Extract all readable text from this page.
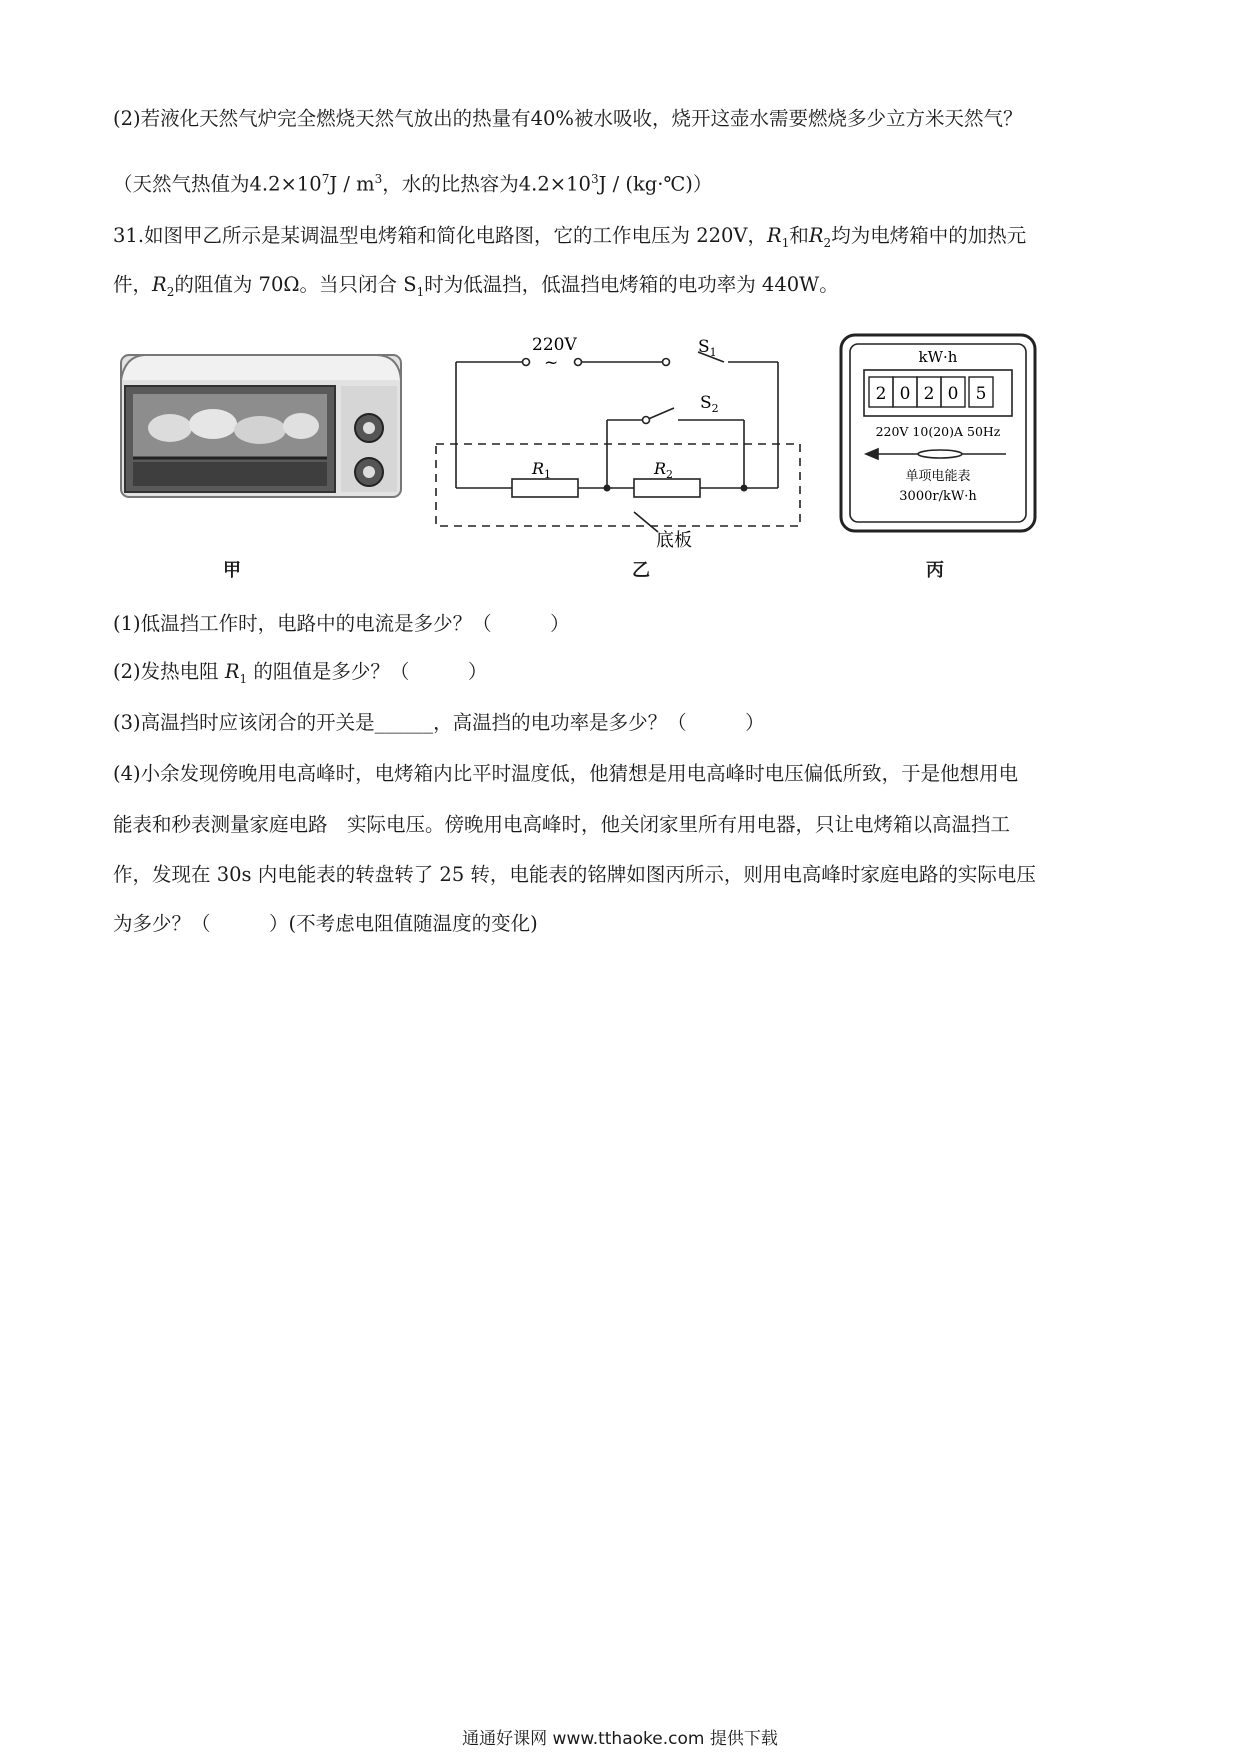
(2)若液化天然气炉完全燃烧天然气放出的热量有40%被水吸收，烧开这壶水需要燃烧多少立方米天然气？
（天然气热值为$4.2\times 10^7J / m^3$，水的比热容为$4.2\times 10^3J$ / (kg·℃)）
31.如图甲乙所示是某调温型电烤箱和简化电路图，它的工作电压为 220V，$R_1$和$R_2$均为电烤箱中的加热元
件，$R_2$的阻值为 70Ω。当只闭合 $S_1$时为低温挡，低温挡电烤箱的电功率为 440W。
220V
~
$S_1$
$S_2$
$R_1$	$R_2$
底板
kW·h
2 0 2 0 5
220V 10(20)A 50Hz
单项电能表
3000r/kW·h
甲	乙	丙
(1)低温挡工作时，电路中的电流是多少？（　　　）
(2)发热电阻 $R_1$ 的阻值是多少？（　　　）
(3)高温挡时应该闭合的开关是______，高温挡的电功率是多少？（　　　）
(4)小余发现傍晚用电高峰时，电烤箱内比平时温度低，他猜想是用电高峰时电压偏低所致，于是他想用电
能表和秒表测量家庭电路　实际电压。傍晚用电高峰时，他关闭家里所有用电器，只让电烤箱以高温挡工
作，发现在 30s 内电能表的转盘转了 25 转，电能表的铭牌如图丙所示，则用电高峰时家庭电路的实际电压
为多少？（　　　）(不考虑电阻值随温度的变化)
通通好课网 www.tthaoke.com 提供下载
